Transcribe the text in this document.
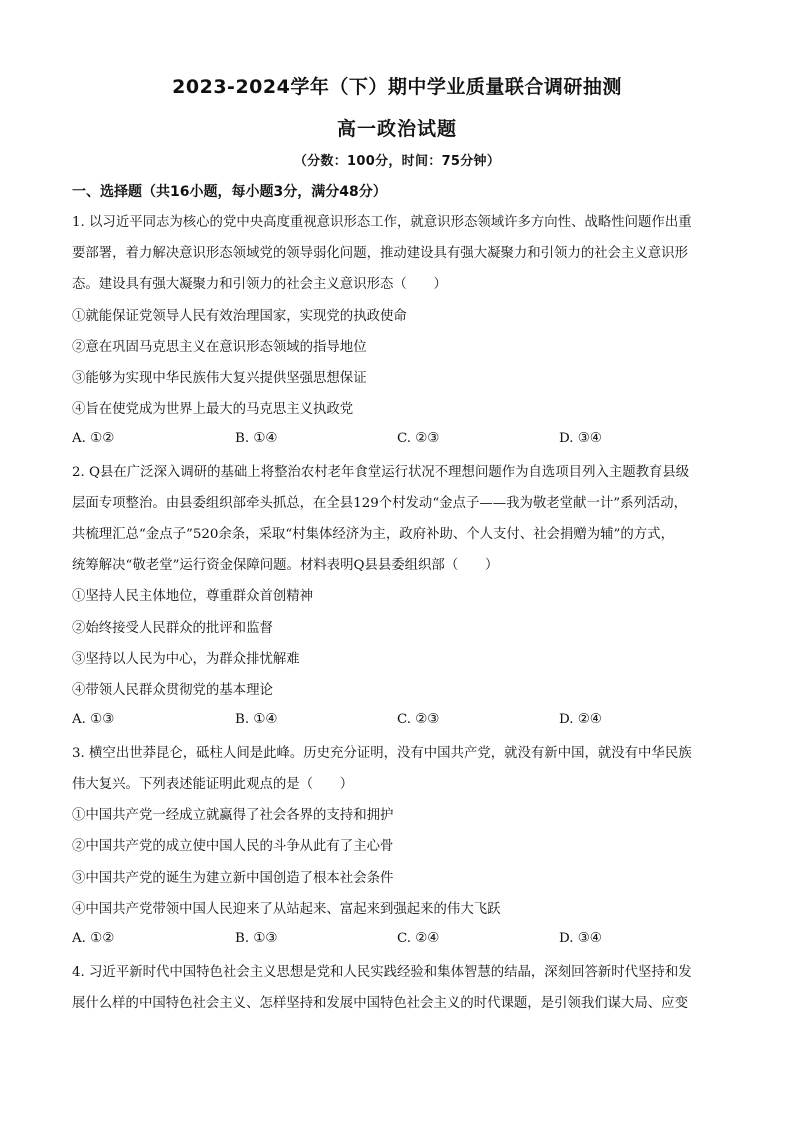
2023-2024学年（下）期中学业质量联合调研抽测
高一政治试题
（分数：100分，时间：75分钟）
一、选择题（共16小题，每小题3分，满分48分）
1. 以习近平同志为核心的党中央高度重视意识形态工作，就意识形态领域许多方向性、战略性问题作出重
要部署，着力解决意识形态领域党的领导弱化问题，推动建设具有强大凝聚力和引领力的社会主义意识形
态。建设具有强大凝聚力和引领力的社会主义意识形态（　　）
①就能保证党领导人民有效治理国家，实现党的执政使命
②意在巩固马克思主义在意识形态领域的指导地位
③能够为实现中华民族伟大复兴提供坚强思想保证
④旨在使党成为世界上最大的马克思主义执政党
A. ①②	B. ①④	C. ②③	D. ③④
2. Q县在广泛深入调研的基础上将整治农村老年食堂运行状况不理想问题作为自选项目列入主题教育县级
层面专项整治。由县委组织部牵头抓总，在全县129个村发动“金点子——我为敬老堂献一计”系列活动，
共梳理汇总“金点子”520余条，采取“村集体经济为主，政府补助、个人支付、社会捐赠为辅”的方式，
统筹解决“敬老堂”运行资金保障问题。材料表明Q县县委组织部（　　）
①坚持人民主体地位，尊重群众首创精神
②始终接受人民群众的批评和监督
③坚持以人民为中心，为群众排忧解难
④带领人民群众贯彻党的基本理论
A. ①③	B. ①④	C. ②③	D. ②④
3. 横空出世莽昆仑，砥柱人间是此峰。历史充分证明，没有中国共产党，就没有新中国，就没有中华民族
伟大复兴。下列表述能证明此观点的是（　　）
①中国共产党一经成立就赢得了社会各界的支持和拥护
②中国共产党的成立使中国人民的斗争从此有了主心骨
③中国共产党的诞生为建立新中国创造了根本社会条件
④中国共产党带领中国人民迎来了从站起来、富起来到强起来的伟大飞跃
A. ①②	B. ①③	C. ②④	D. ③④
4. 习近平新时代中国特色社会主义思想是党和人民实践经验和集体智慧的结晶，深刻回答新时代坚持和发
展什么样的中国特色社会主义、怎样坚持和发展中国特色社会主义的时代课题，是引领我们谋大局、应变
